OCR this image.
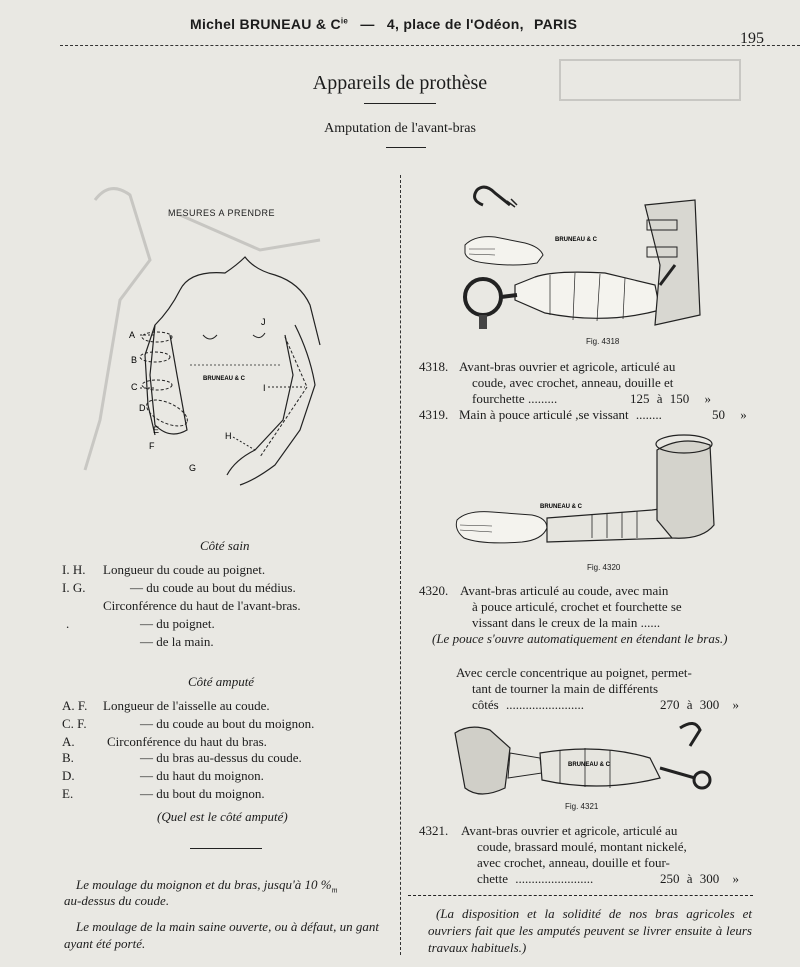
Michel BRUNEAU & $C^{ie}$ — 4, place de l'Odéon, PARIS
195
Appareils de prothèse
Amputation de l'avant-bras
MESURES A PRENDRE
BRUNEAU & C
A
B
C
D
E
F
G
H
I
J
Côté sain
I. H. Longueur du coude au poignet.
I. G.	— du coude au bout du médius.
Circonférence du haut de l'avant-bras.
.	— du poignet.
— de la main.
Côté amputé
A. F. Longueur de l'aisselle au coude.
C. F.	— du coude au bout du moignon.
A. Circonférence du haut du bras.
B.	— du bras au-dessus du coude.
D.	— du haut du moignon.
E.	— du bout du moignon.
(Quel est le côté amputé)
Le moulage du moignon et du bras, jusqu'à 10 $\%_m$
au-dessus du coude.
Le moulage de la main saine ouverte, ou à défaut, un gant ayant été porté.
BRUNEAU & C
Fig. 4318
4318. Avant-bras ouvrier et agricole, articulé au
coude, avec crochet, anneau, douille et
fourchette .........	125 à 150 »
4319. Main à pouce articulé ,se vissant ........	50 »
BRUNEAU & C
Fig. 4320
4320. Avant-bras articulé au coude, avec main
à pouce articulé, crochet et fourchette se
vissant dans le creux de la main ......
(Le pouce s'ouvre automatiquement en étendant le bras.)
Avec cercle concentrique au poignet, permet-
tant de tourner la main de différents
côtés ........................	270 à 300 »
BRUNEAU & C
Fig. 4321
4321. Avant-bras ouvrier et agricole, articulé au
coude, brassard moulé, montant nickelé,
avec crochet, anneau, douille et four-
chette ........................	250 à 300 »
(La disposition et la solidité de nos bras agricoles et ouvriers fait que les amputés peuvent se livrer ensuite à leurs travaux habituels.)
